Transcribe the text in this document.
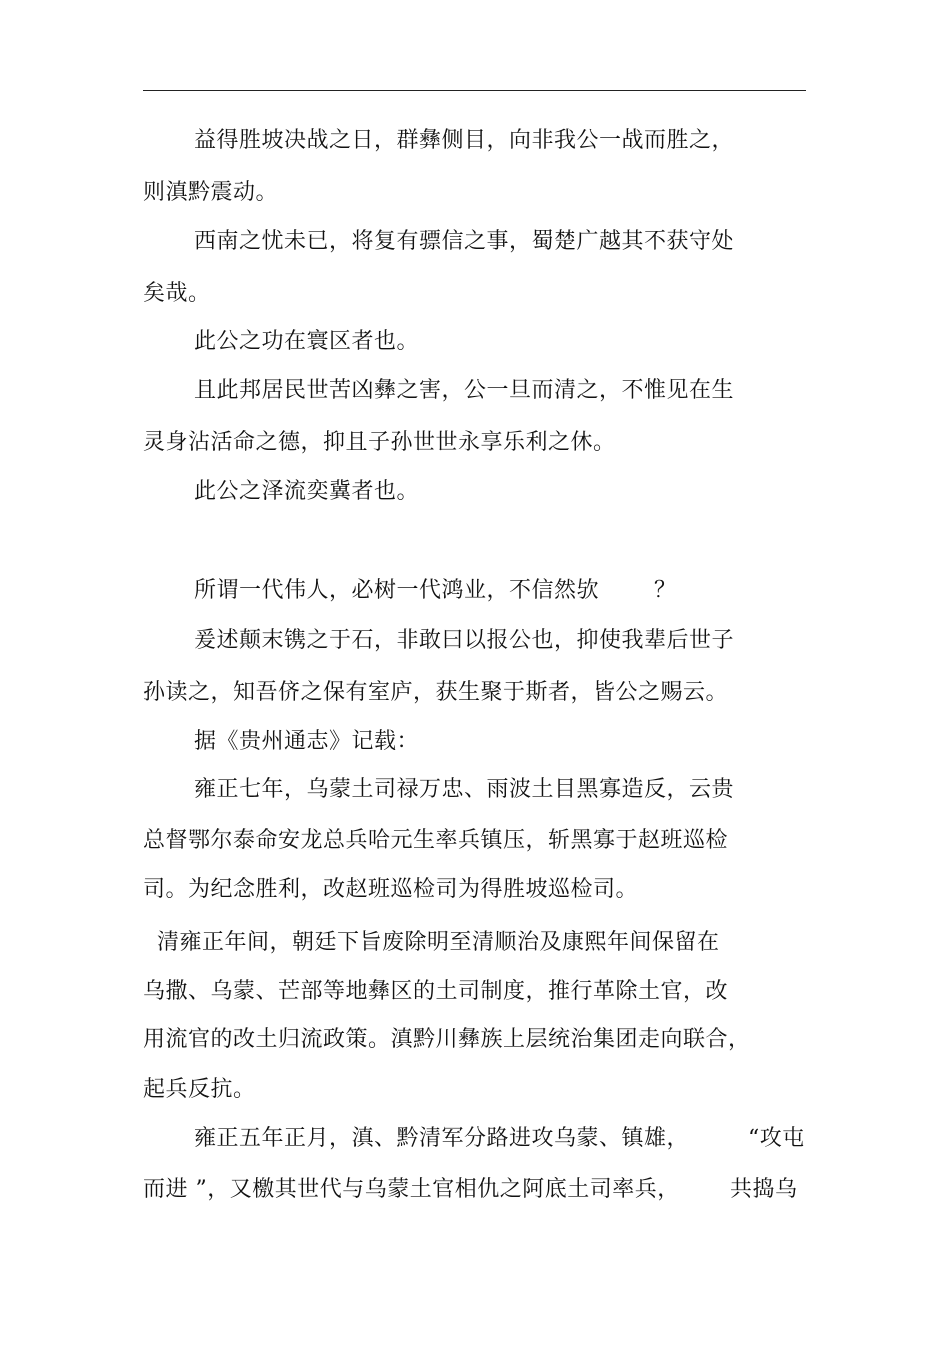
益得胜坡决战之日，群彝侧目，向非我公一战而胜之，
则滇黔震动。
西南之忧未已，将复有骠信之事，蜀楚广越其不获守处
矣哉。
此公之功在寰区者也。
且此邦居民世苦凶彝之害，公一旦而清之，不惟见在生
灵身沾活命之德，抑且子孙世世永享乐利之休。
此公之泽流奕冀者也。
所谓一代伟人，必树一代鸿业，不信然欤 ？
爰述颠末镌之于石，非敢曰以报公也，抑使我辈后世子
孙读之，知吾侪之保有室庐，获生聚于斯者，皆公之赐云。
据《贵州通志》记载：
雍正七年，乌蒙土司禄万忠、雨波土目黑寡造反，云贵
总督鄂尔泰命安龙总兵哈元生率兵镇压，斩黑寡于赵班巡检
司。为纪念胜利，改赵班巡检司为得胜坡巡检司。
清雍正年间，朝廷下旨废除明至清顺治及康熙年间保留在
乌撒、乌蒙、芒部等地彝区的土司制度，推行革除土官，改
用流官的改土归流政策。滇黔川彝族上层统治集团走向联合，
起兵反抗。
雍正五年正月，滇、黔清军分路进攻乌蒙、镇雄，	“攻屯
而进 ”，又檄其世代与乌蒙土官相仇之阿底土司率兵， 共捣乌
